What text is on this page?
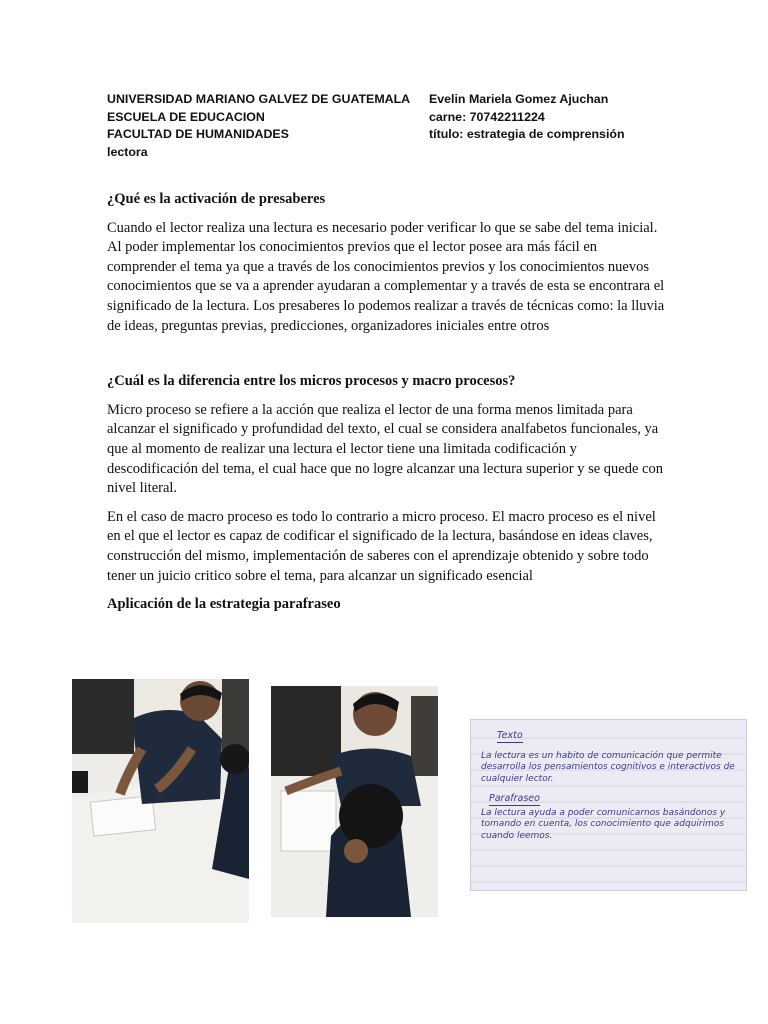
UNIVERSIDAD MARIANO GALVEZ DE GUATEMALA
ESCUELA DE EDUCACION
FACULTAD DE HUMANIDADES
lectora
Evelin Mariela Gomez Ajuchan
carne: 70742211224
título: estrategia de comprensión

¿Qué es la activación de presaberes

Cuando el lector realiza una lectura es necesario poder verificar lo que se sabe del tema inicial. Al poder implementar los conocimientos previos que el lector posee ara más fácil en comprender el tema ya que a través de los conocimientos previos y los conocimientos nuevos conocimientos que se va a aprender ayudaran a complementar y a través de esta se encontrara el significado de la lectura. Los presaberes lo podemos realizar a través de técnicas como: la lluvia de ideas, preguntas previas, predicciones, organizadores iniciales entre otros

¿Cuál es la diferencia entre los micros procesos y macro procesos?

Micro proceso se refiere a la acción que realiza el lector de una forma menos limitada para alcanzar el significado y profundidad del texto, el cual se considera analfabetos funcionales, ya que al momento de realizar una lectura el lector tiene una limitada codificación y descodificación del tema, el cual hace que no logre alcanzar una lectura superior y se quede con nivel literal.

En el caso de macro proceso es todo lo contrario a micro proceso. El macro proceso es el nivel en el que el lector es capaz de codificar el significado de la lectura, basándose en ideas claves, construcción del mismo, implementación de saberes con el aprendizaje obtenido y sobre todo tener un juicio critico sobre el tema, para alcanzar un significado esencial

Aplicación de la estrategia parafraseo

Texto

La lectura es un habito de comunicación que permite desarrolla los pensamientos cognitivos e interactivos de cualquier lector.

Parafraseo

La lectura ayuda a poder comunicarnos basándonos y tomando en cuenta, los conocimiento que adquirimos cuando leemos.
